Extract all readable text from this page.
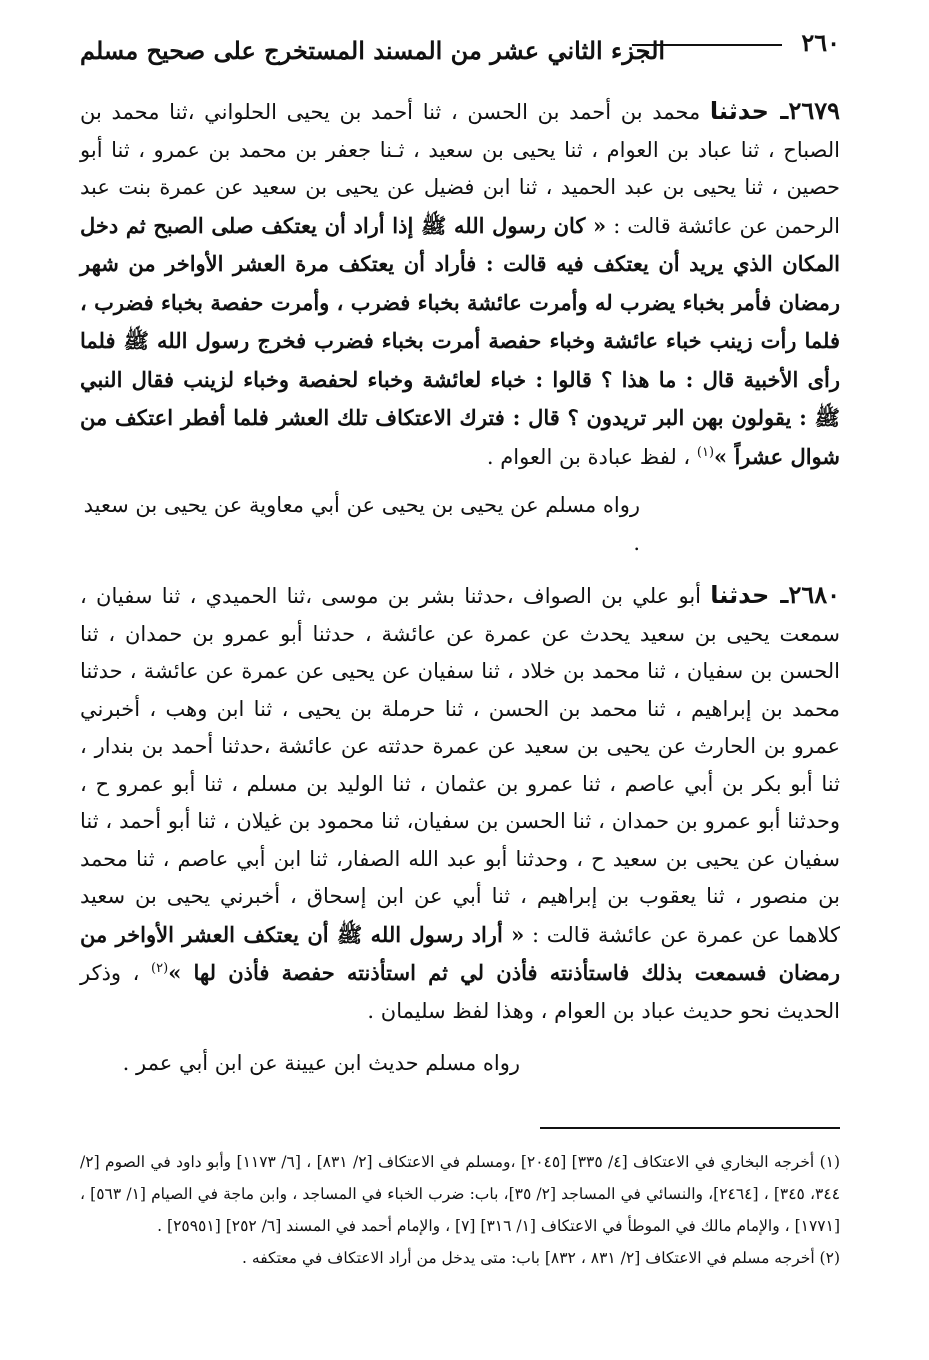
٢٦٠
الجزء الثاني عشر من المسند المستخرج على صحيح مسلم
٢٦٧٩ـ حدثنا محمد بن أحمد بن الحسن ، ثنا أحمد بن يحيى الحلواني ،ثنا محمد بن الصباح ، ثنا عباد بن العوام ، ثنا يحيى بن سعيد ، ثـنا جعفر بن محمد بن عمرو ، ثنا أبو حصين ، ثنا يحيى بن عبد الحميد ، ثنا ابن فضيل عن يحيى بن سعيد عن عمرة بنت عبد الرحمن عن عائشة قالت : « كان رسول الله ﷺ إذا أراد أن يعتكف صلى الصبح ثم دخل المكان الذي يريد أن يعتكف فيه قالت : فأراد أن يعتكف مرة العشر الأواخر من شهر رمضان فأمر بخباء يضرب له وأمرت عائشة بخباء فضرب ، وأمرت حفصة بخباء فضرب ، فلما رأت زينب خباء عائشة وخباء حفصة أمرت بخباء فضرب فخرج رسول الله ﷺ فلما رأى الأخبية قال : ما هذا ؟ قالوا : خباء لعائشة وخباء لحفصة وخباء لزينب فقال النبي ﷺ : يقولون بهن البر تريدون ؟ قال : فترك الاعتكاف تلك العشر فلما أفطر اعتكف من شوال عشراً »$^{(١)}$ ، لفظ عبادة بن العوام .
رواه مسلم عن يحيى بن يحيى عن أبي معاوية عن يحيى بن سعيد .
٢٦٨٠ـ حدثنا أبو علي بن الصواف ،حدثنا بشر بن موسى ،ثنا الحميدي ، ثنا سفيان ، سمعت يحيى بن سعيد يحدث عن عمرة عن عائشة ، حدثنا أبو عمرو بن حمدان ، ثنا الحسن بن سفيان ، ثنا محمد بن خلاد ، ثنا سفيان عن يحيى عن عمرة عن عائشة ، حدثنا محمد بن إبراهيم ، ثنا محمد بن الحسن ، ثنا حرملة بن يحيى ، ثنا ابن وهب ، أخبرني عمرو بن الحارث عن يحيى بن سعيد عن عمرة حدثته عن عائشة ،حدثنا أحمد بن بندار ، ثنا أبو بكر بن أبي عاصم ، ثنا عمرو بن عثمان ، ثنا الوليد بن مسلم ، ثنا أبو عمرو ح ، وحدثنا أبو عمرو بن حمدان ، ثنا الحسن بن سفيان، ثنا محمود بن غيلان ، ثنا أبو أحمد ، ثنا سفيان عن يحيى بن سعيد ح ، وحدثنا أبو عبد الله الصفار، ثنا ابن أبي عاصم ، ثنا محمد بن منصور ، ثنا يعقوب بن إبراهيم ، ثنا أبي عن ابن إسحاق ، أخبرني يحيى بن سعيد كلاهما عن عمرة عن عائشة قالت : « أراد رسول الله ﷺ أن يعتكف العشر الأواخر من رمضان فسمعت بذلك فاستأذنته فأذن لي ثم استأذنته حفصة فأذن لها »$^{(٢)}$ ، وذكر الحديث نحو حديث عباد بن العوام ، وهذا لفظ سليمان .
رواه مسلم حديث ابن عيينة عن ابن أبي عمر .

(١) أخرجه البخاري في الاعتكاف [٤/ ٣٣٥] [٢٠٤٥] ،ومسلم في الاعتكاف [٢/ ٨٣١] ، [٦/ ١١٧٣] وأبو داود في الصوم [٢/ ٣٤٤، ٣٤٥] ، [٢٤٦٤]، والنسائي في المساجد [٢/ ٣٥]، باب: ضرب الخباء في المساجد ، وابن ماجة في الصيام [١/ ٥٦٣] ، [١٧٧١] ، والإمام مالك في الموطأ في الاعتكاف [١/ ٣١٦] [٧] ، والإمام أحمد في المسند [٦/ ٢٥٢] [٢٥٩٥١] .

(٢) أخرجه مسلم في الاعتكاف [٢/ ٨٣١ ، ٨٣٢] باب: متى يدخل من أراد الاعتكاف في معتكفه .
